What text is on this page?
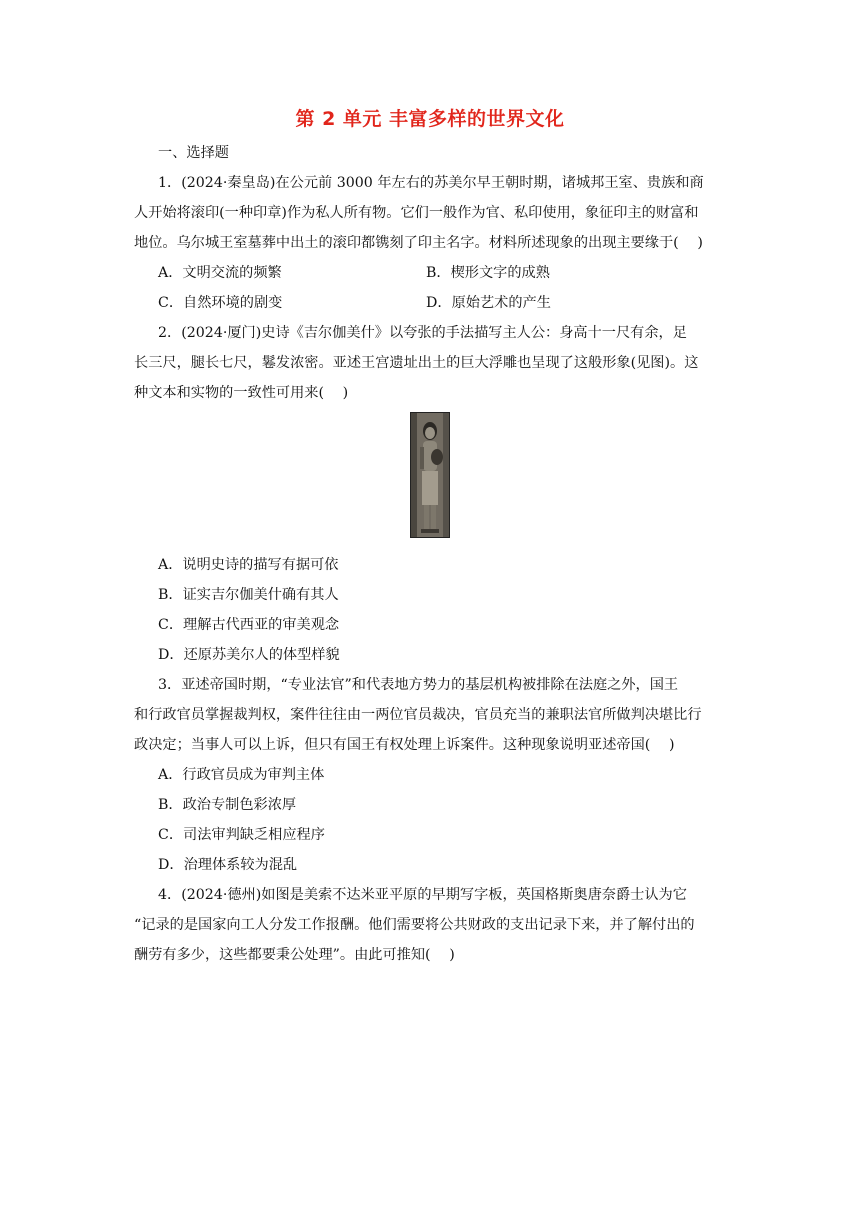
第 2 单元 丰富多样的世界文化
一、选择题
1．(2024·秦皇岛)在公元前 3000 年左右的苏美尔早王朝时期，诸城邦王室、贵族和商
人开始将滚印(一种印章)作为私人所有物。它们一般作为官、私印使用，象征印主的财富和
地位。乌尔城王室墓葬中出土的滚印都镌刻了印主名字。材料所述现象的出现主要缘于(　 )
A．文明交流的频繁	B．楔形文字的成熟
C．自然环境的剧变	D．原始艺术的产生
2．(2024·厦门)史诗《吉尔伽美什》以夸张的手法描写主人公：身高十一尺有余，足
长三尺，腿长七尺，鬈发浓密。亚述王宫遗址出土的巨大浮雕也呈现了这般形象(见图)。这
种文本和实物的一致性可用来(　 )
A．说明史诗的描写有据可依
B．证实吉尔伽美什确有其人
C．理解古代西亚的审美观念
D．还原苏美尔人的体型样貌
3．亚述帝国时期，“专业法官”和代表地方势力的基层机构被排除在法庭之外，国王
和行政官员掌握裁判权，案件往往由一两位官员裁决，官员充当的兼职法官所做判决堪比行
政决定；当事人可以上诉，但只有国王有权处理上诉案件。这种现象说明亚述帝国(　 )
A．行政官员成为审判主体
B．政治专制色彩浓厚
C．司法审判缺乏相应程序
D．治理体系较为混乱
4．(2024·德州)如图是美索不达米亚平原的早期写字板，英国格斯奥唐奈爵士认为它
“记录的是国家向工人分发工作报酬。他们需要将公共财政的支出记录下来，并了解付出的
酬劳有多少，这些都要秉公处理”。由此可推知(　 )
